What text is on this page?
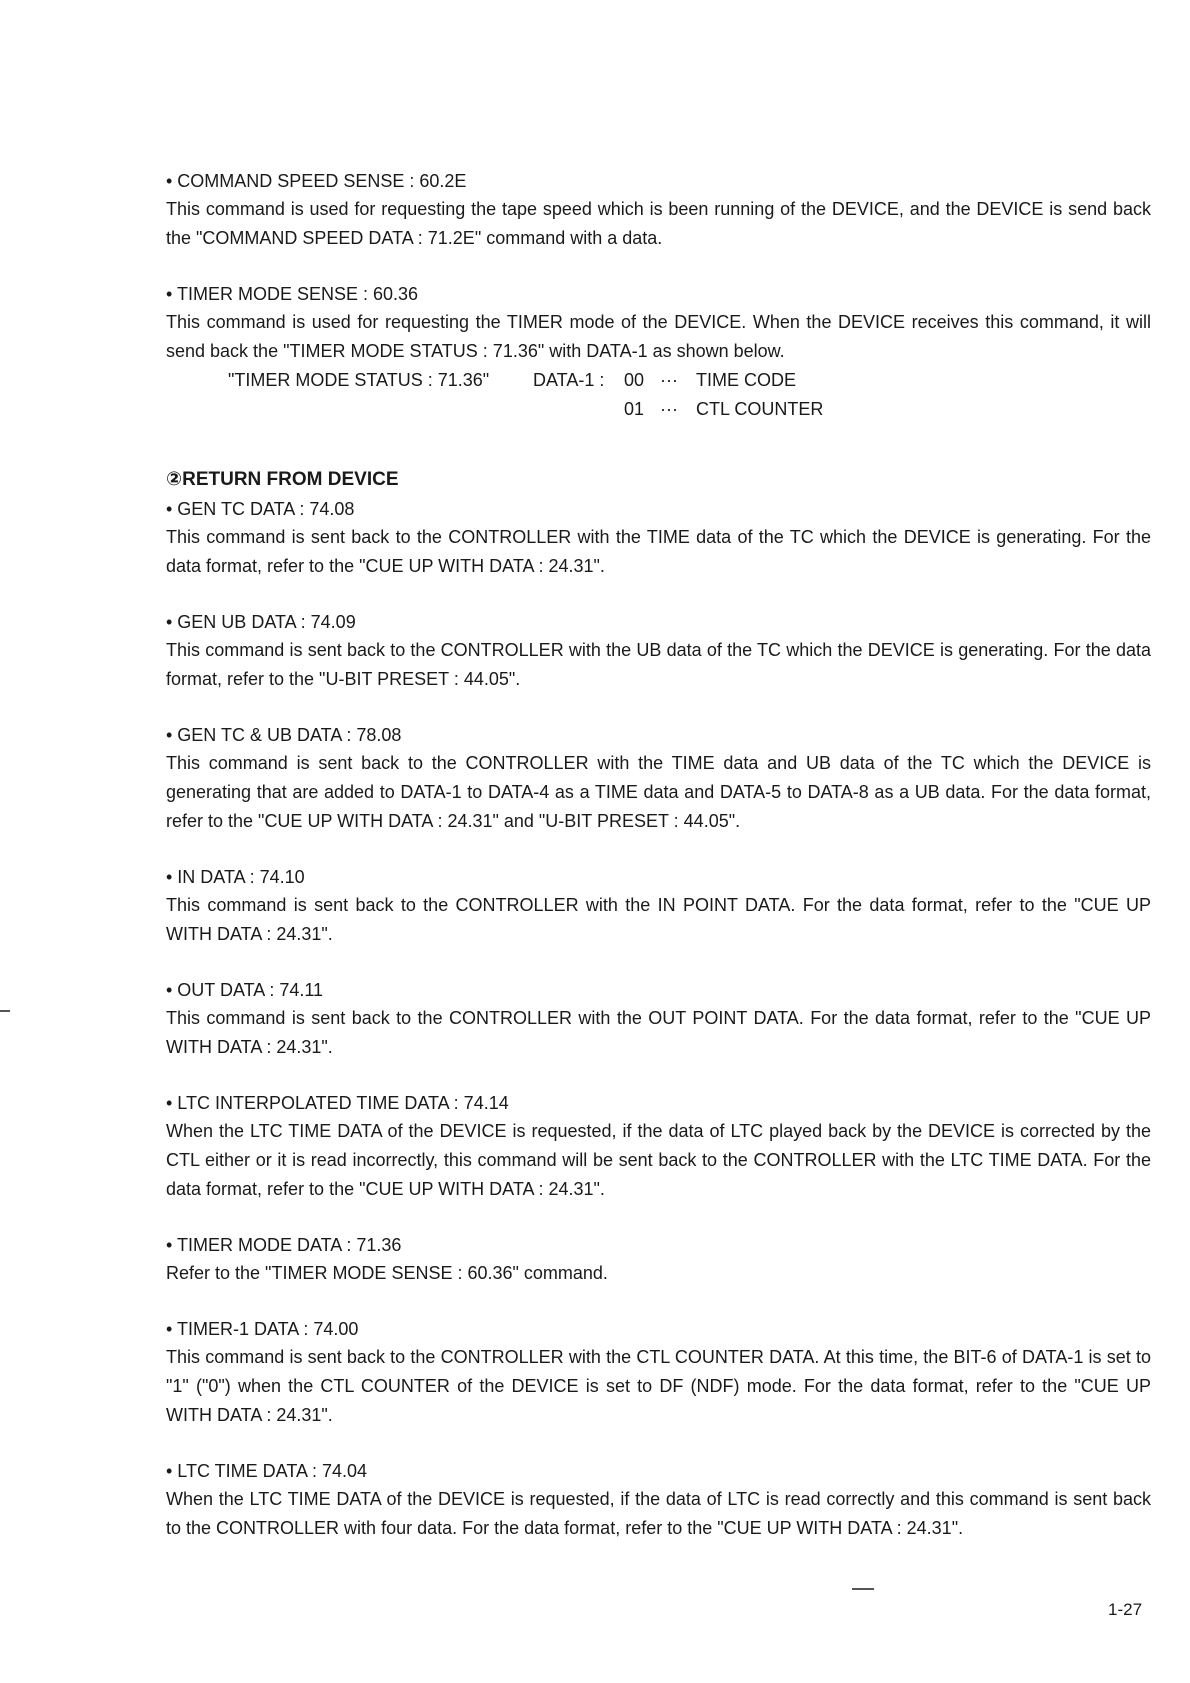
• COMMAND SPEED SENSE : 60.2E
This command is used for requesting the tape speed which is been running of the DEVICE, and the DEVICE is send back the "COMMAND SPEED DATA : 71.2E" command with a data.
• TIMER MODE SENSE : 60.36
This command is used for requesting the TIMER mode of the DEVICE. When the DEVICE receives this command, it will send back the "TIMER MODE STATUS : 71.36" with DATA-1 as shown below.
"TIMER MODE STATUS : 71.36" DATA-1 : 00 ··· TIME CODE
01 ··· CTL COUNTER
②RETURN FROM DEVICE
• GEN TC DATA : 74.08
This command is sent back to the CONTROLLER with the TIME data of the TC which the DEVICE is generating. For the data format, refer to the "CUE UP WITH DATA : 24.31".
• GEN UB DATA : 74.09
This command is sent back to the CONTROLLER with the UB data of the TC which the DEVICE is generating. For the data format, refer to the "U-BIT PRESET : 44.05".
• GEN TC & UB DATA : 78.08
This command is sent back to the CONTROLLER with the TIME data and UB data of the TC which the DEVICE is generating that are added to DATA-1 to DATA-4 as a TIME data and DATA-5 to DATA-8 as a UB data. For the data format, refer to the "CUE UP WITH DATA : 24.31" and "U-BIT PRESET : 44.05".
• IN DATA : 74.10
This command is sent back to the CONTROLLER with the IN POINT DATA. For the data format, refer to the "CUE UP WITH DATA : 24.31".
• OUT DATA : 74.11
This command is sent back to the CONTROLLER with the OUT POINT DATA. For the data format, refer to the "CUE UP WITH DATA : 24.31".
• LTC INTERPOLATED TIME DATA : 74.14
When the LTC TIME DATA of the DEVICE is requested, if the data of LTC played back by the DEVICE is corrected by the CTL either or it is read incorrectly, this command will be sent back to the CONTROLLER with the LTC TIME DATA. For the data format, refer to the "CUE UP WITH DATA : 24.31".
• TIMER MODE DATA : 71.36
Refer to the "TIMER MODE SENSE : 60.36" command.
• TIMER-1 DATA : 74.00
This command is sent back to the CONTROLLER with the CTL COUNTER DATA. At this time, the BIT-6 of DATA-1 is set to "1" ("0") when the CTL COUNTER of the DEVICE is set to DF (NDF) mode. For the data format, refer to the "CUE UP WITH DATA : 24.31".
• LTC TIME DATA : 74.04
When the LTC TIME DATA of the DEVICE is requested, if the data of LTC is read correctly and this command is sent back to the CONTROLLER with four data. For the data format, refer to the "CUE UP WITH DATA : 24.31".
1-27
